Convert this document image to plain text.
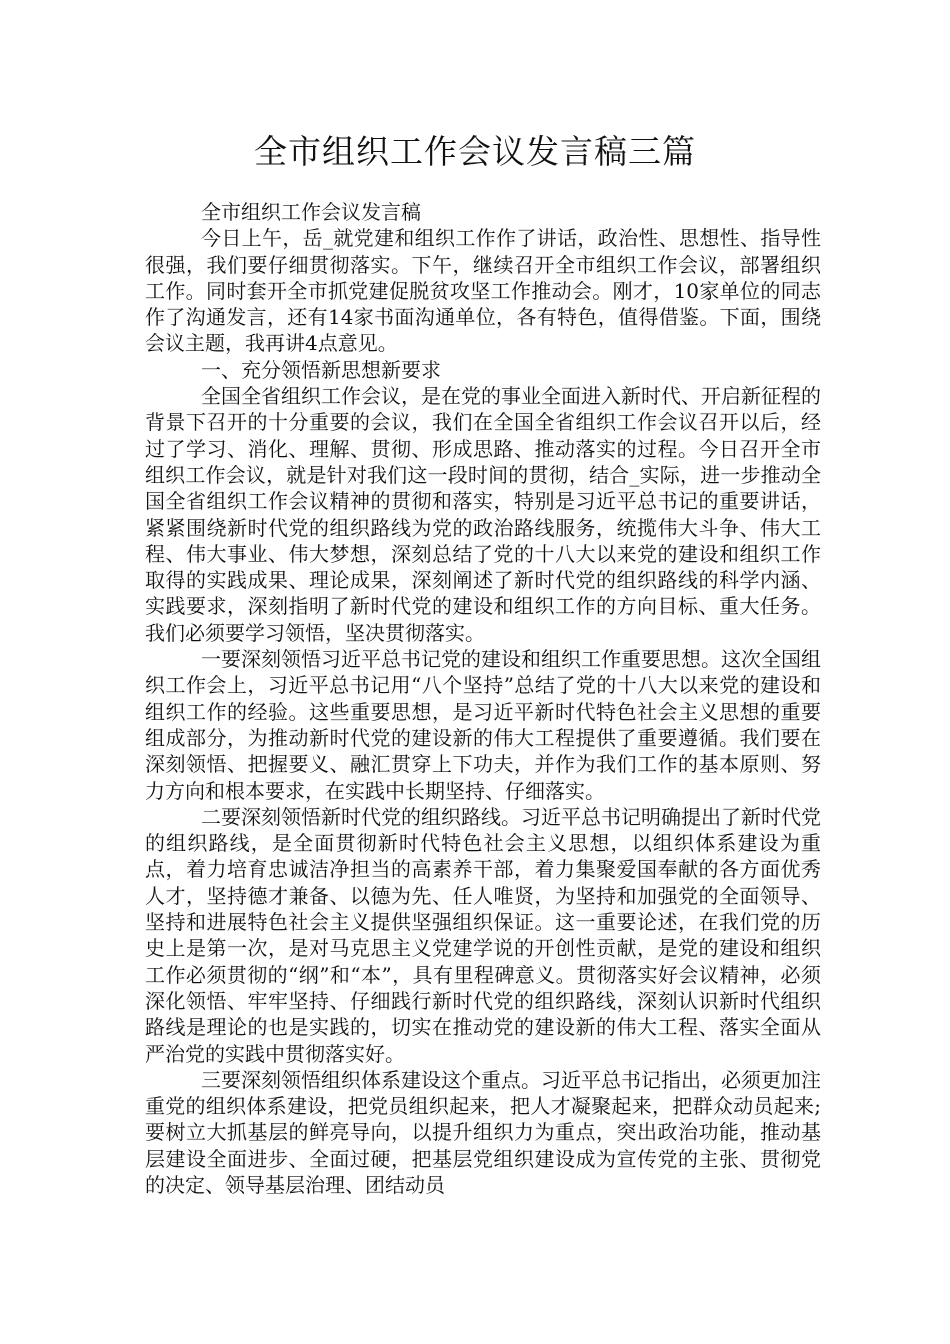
全市组织工作会议发言稿三篇

全市组织工作会议发言稿

今日上午，岳_就党建和组织工作作了讲话，政治性、思想性、指导性很强，我们要仔细贯彻落实。下午，继续召开全市组织工作会议，部署组织工作。同时套开全市抓党建促脱贫攻坚工作推动会。刚才，10家单位的同志作了沟通发言，还有14家书面沟通单位，各有特色，值得借鉴。下面，围绕会议主题，我再讲4点意见。

一、充分领悟新思想新要求

全国全省组织工作会议，是在党的事业全面进入新时代、开启新征程的背景下召开的十分重要的会议，我们在全国全省组织工作会议召开以后，经过了学习、消化、理解、贯彻、形成思路、推动落实的过程。今日召开全市组织工作会议，就是针对我们这一段时间的贯彻，结合_实际，进一步推动全国全省组织工作会议精神的贯彻和落实，特别是习近平总书记的重要讲话，紧紧围绕新时代党的组织路线为党的政治路线服务，统揽伟大斗争、伟大工程、伟大事业、伟大梦想，深刻总结了党的十八大以来党的建设和组织工作取得的实践成果、理论成果，深刻阐述了新时代党的组织路线的科学内涵、实践要求，深刻指明了新时代党的建设和组织工作的方向目标、重大任务。我们必须要学习领悟，坚决贯彻落实。

一要深刻领悟习近平总书记党的建设和组织工作重要思想。这次全国组织工作会上，习近平总书记用“八个坚持”总结了党的十八大以来党的建设和组织工作的经验。这些重要思想，是习近平新时代特色社会主义思想的重要组成部分，为推动新时代党的建设新的伟大工程提供了重要遵循。我们要在深刻领悟、把握要义、融汇贯穿上下功夫，并作为我们工作的基本原则、努力方向和根本要求，在实践中长期坚持、仔细落实。

二要深刻领悟新时代党的组织路线。习近平总书记明确提出了新时代党的组织路线，是全面贯彻新时代特色社会主义思想，以组织体系建设为重点，着力培育忠诚洁净担当的高素养干部，着力集聚爱国奉献的各方面优秀人才，坚持德才兼备、以德为先、任人唯贤，为坚持和加强党的全面领导、坚持和进展特色社会主义提供坚强组织保证。这一重要论述，在我们党的历史上是第一次，是对马克思主义党建学说的开创性贡献，是党的建设和组织工作必须贯彻的“纲”和“本”，具有里程碑意义。贯彻落实好会议精神，必须深化领悟、牢牢坚持、仔细践行新时代党的组织路线，深刻认识新时代组织路线是理论的也是实践的，切实在推动党的建设新的伟大工程、落实全面从严治党的实践中贯彻落实好。

三要深刻领悟组织体系建设这个重点。习近平总书记指出，必须更加注重党的组织体系建设，把党员组织起来，把人才凝聚起来，把群众动员起来;要树立大抓基层的鲜亮导向，以提升组织力为重点，突出政治功能，推动基层建设全面进步、全面过硬，把基层党组织建设成为宣传党的主张、贯彻党的决定、领导基层治理、团结动员
